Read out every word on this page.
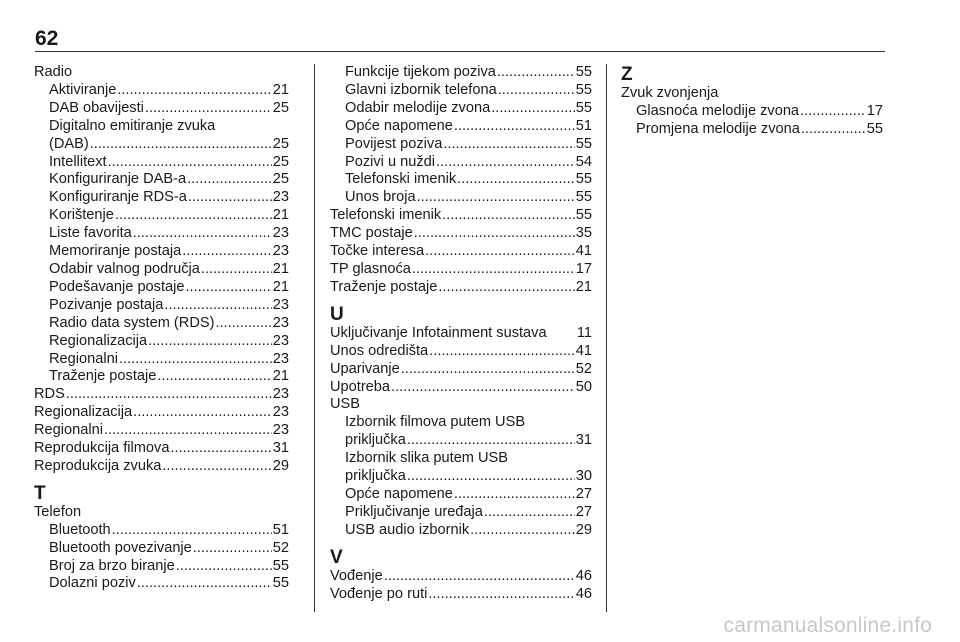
62
Radio
Aktiviranje .....	21
DAB obavijesti .....	25
Digitalno emitiranje zvuka
(DAB) .....	25
Intellitext .....	25
Konfiguriranje DAB-a .....	25
Konfiguriranje RDS-a .....	23
Korištenje .....	21
Liste favorita .....	23
Memoriranje postaja .....	23
Odabir valnog područja .....	21
Podešavanje postaje .....	21
Pozivanje postaja .....	23
Radio data system (RDS) .....	23
Regionalizacija .....	23
Regionalni .....	23
Traženje postaje .....	21
RDS .....	23
Regionalizacija .....	23
Regionalni .....	23
Reprodukcija filmova .....	31
Reprodukcija zvuka .....	29
T
Telefon
Bluetooth .....	51
Bluetooth povezivanje .....	52
Broj za brzo biranje .....	55
Dolazni poziv .....	55
Funkcije tijekom poziva .....	55
Glavni izbornik telefona .....	55
Odabir melodije zvona .....	55
Opće napomene .....	51
Povijest poziva .....	55
Pozivi u nuždi .....	54
Telefonski imenik .....	55
Unos broja .....	55
Telefonski imenik .....	55
TMC postaje .....	35
Točke interesa .....	41
TP glasnoća .....	17
Traženje postaje .....	21
U
Uključivanje Infotainment sustava 11
Unos odredišta .....	41
Uparivanje .....	52
Upotreba .....	50
USB
Izbornik filmova putem USB
priključka .....	31
Izbornik slika putem USB
priključka .....	30
Opće napomene .....	27
Priključivanje uređaja .....	27
USB audio izbornik .....	29
V
Vođenje .....	46
Vođenje po ruti .....	46
Z
Zvuk zvonjenja
Glasnoća melodije zvona .....	17
Promjena melodije zvona .....	55
carmanualsonline.info
